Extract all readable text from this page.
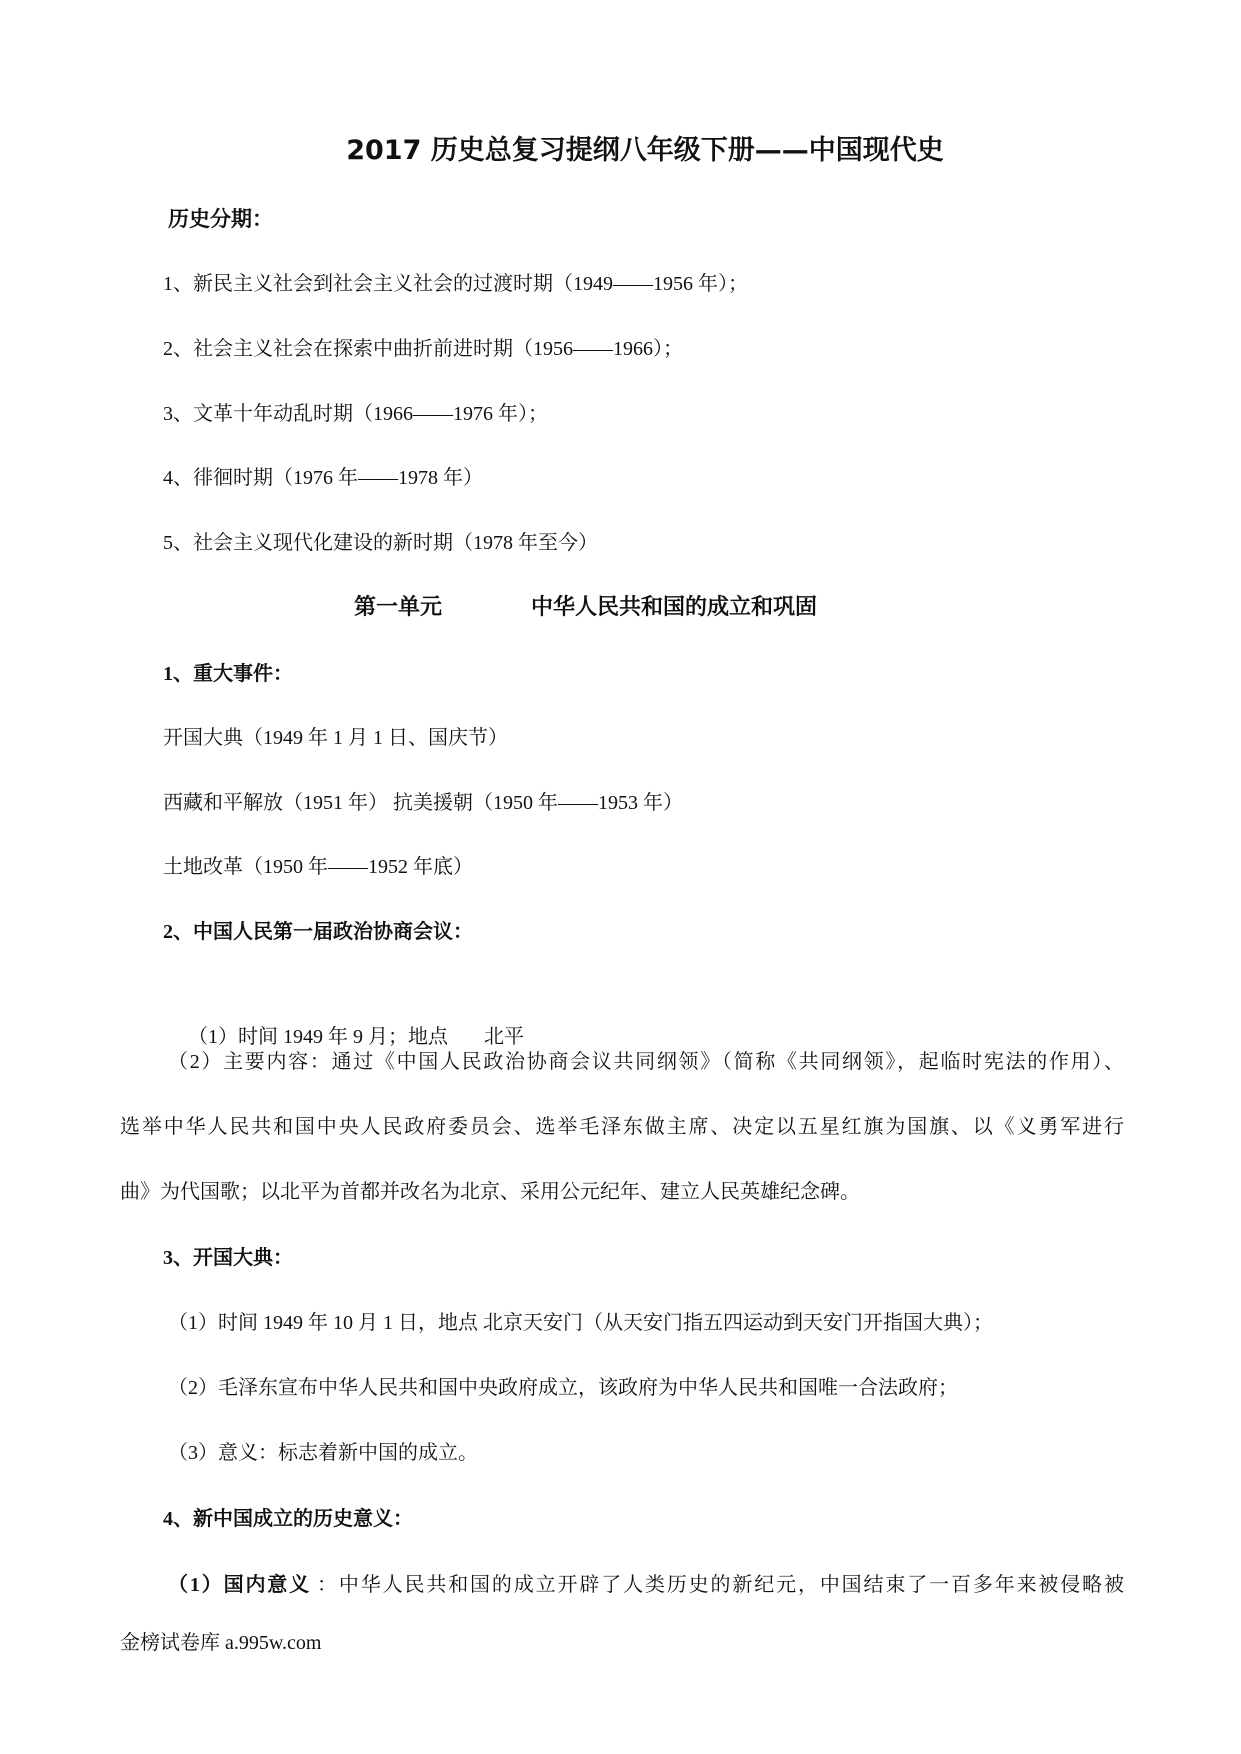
2017 历史总复习提纲八年级下册——中国现代史
历史分期：
1、新民主义社会到社会主义社会的过渡时期（1949——1956 年）；
2、社会主义社会在探索中曲折前进时期（1956——1966）；
3、文革十年动乱时期（1966——1976 年）；
4、徘徊时期（1976 年——1978 年）
5、社会主义现代化建设的新时期（1978 年至今）
第一单元	中华人民共和国的成立和巩固
1、重大事件：
开国大典（1949 年 1 月 1 日、国庆节）
西藏和平解放（1951 年） 抗美援朝（1950 年——1953 年）
土地改革（1950 年——1952 年底）
2、中国人民第一届政治协商会议：

（1）时间 1949 年 9 月；地点 北平

（2）主要内容：通过《中国人民政治协商会议共同纲领》（简称《共同纲领》，起临时宪法的作用）、
选举中华人民共和国中央人民政府委员会、选举毛泽东做主席、决定以五星红旗为国旗、以《义勇军进行
曲》为代国歌；以北平为首都并改名为北京、采用公元纪年、建立人民英雄纪念碑。
3、开国大典：
（1）时间 1949 年 10 月 1 日，地点 北京天安门（从天安门指五四运动到天安门开指国大典）；
（2）毛泽东宣布中华人民共和国中央政府成立，该政府为中华人民共和国唯一合法政府；
（3）意义：标志着新中国的成立。
4、新中国成立的历史意义：
（1）国内意义 ：中华人民共和国的成立开辟了人类历史的新纪元，中国结束了一百多年来被侵略被
金榜试卷库 a.995w.com
